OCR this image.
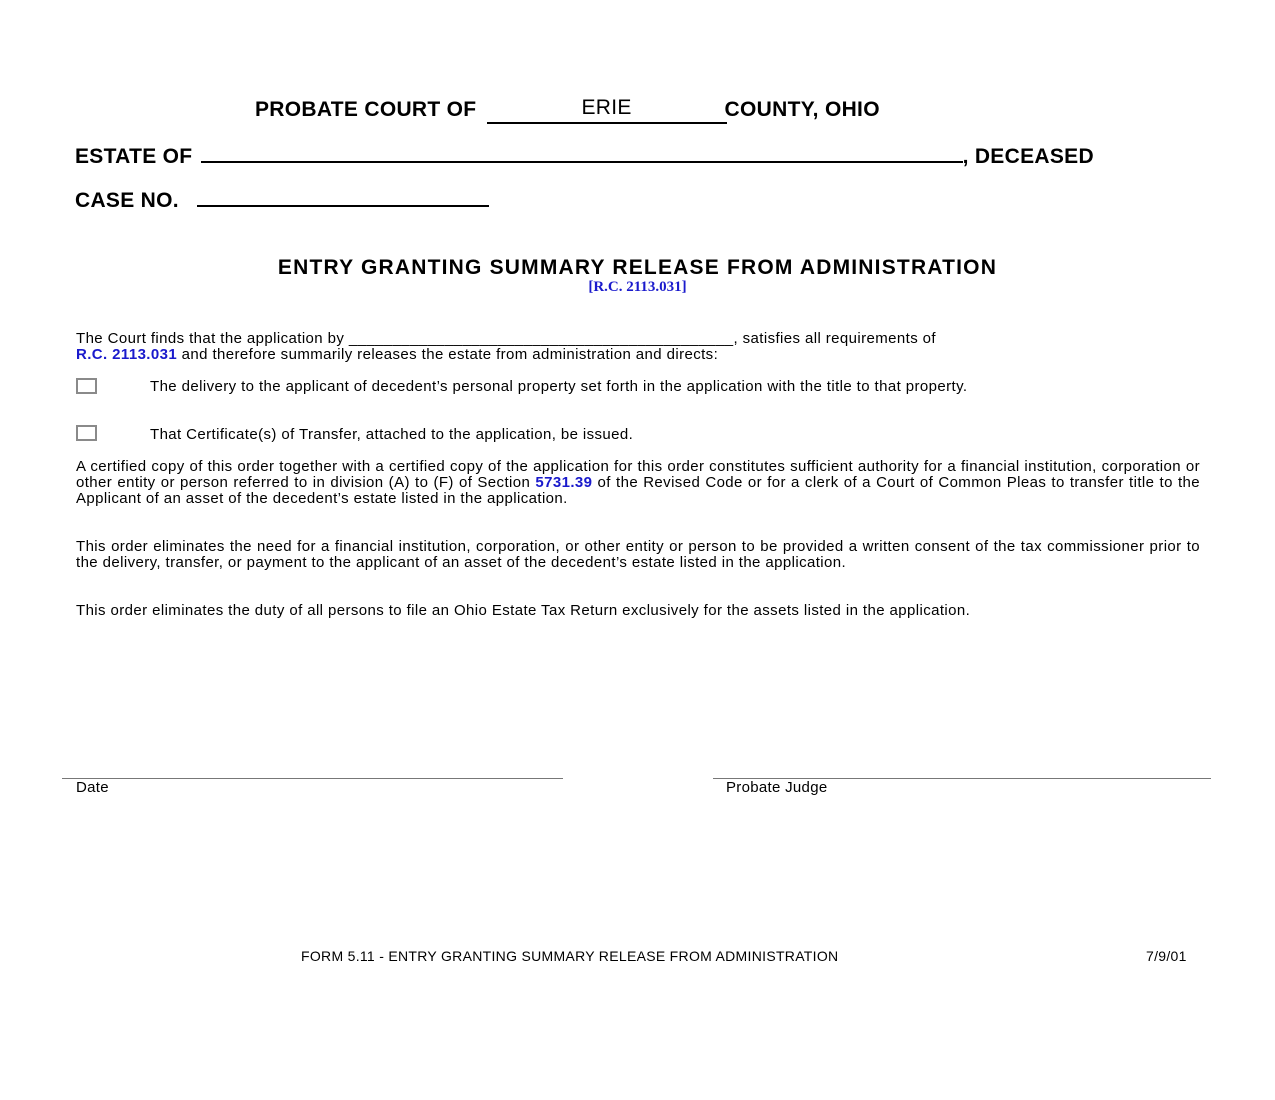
PROBATE COURT OF	ERIE	COUNTY, OHIO
ESTATE OF	, DECEASED
CASE NO.
ENTRY GRANTING SUMMARY RELEASE FROM ADMINISTRATION
[R.C. 2113.031]
The Court finds that the application by ____________________________________________, satisfies all requirements of
R.C. 2113.031 and therefore summarily releases the estate from administration and directs:
The delivery to the applicant of decedent’s personal property set forth in the application with the title to that property.
That Certificate(s) of Transfer, attached to the application, be issued.
A certified copy of this order together with a certified copy of the application for this order constitutes sufficient authority for a financial institution, corporation or other entity or person referred to in division (A) to (F) of Section 5731.39 of the Revised Code or for a clerk of a Court of Common Pleas to transfer title to the Applicant of an asset of the decedent’s estate listed in the application.
This order eliminates the need for a financial institution, corporation, or other entity or person to be provided a written consent of the tax commissioner prior to the delivery, transfer, or payment to the applicant of an asset of the decedent’s estate listed in the application.
This order eliminates the duty of all persons to file an Ohio Estate Tax Return exclusively for the assets listed in the application.
Date	Probate Judge
FORM 5.11 - ENTRY GRANTING SUMMARY RELEASE FROM ADMINISTRATION	7/9/01
